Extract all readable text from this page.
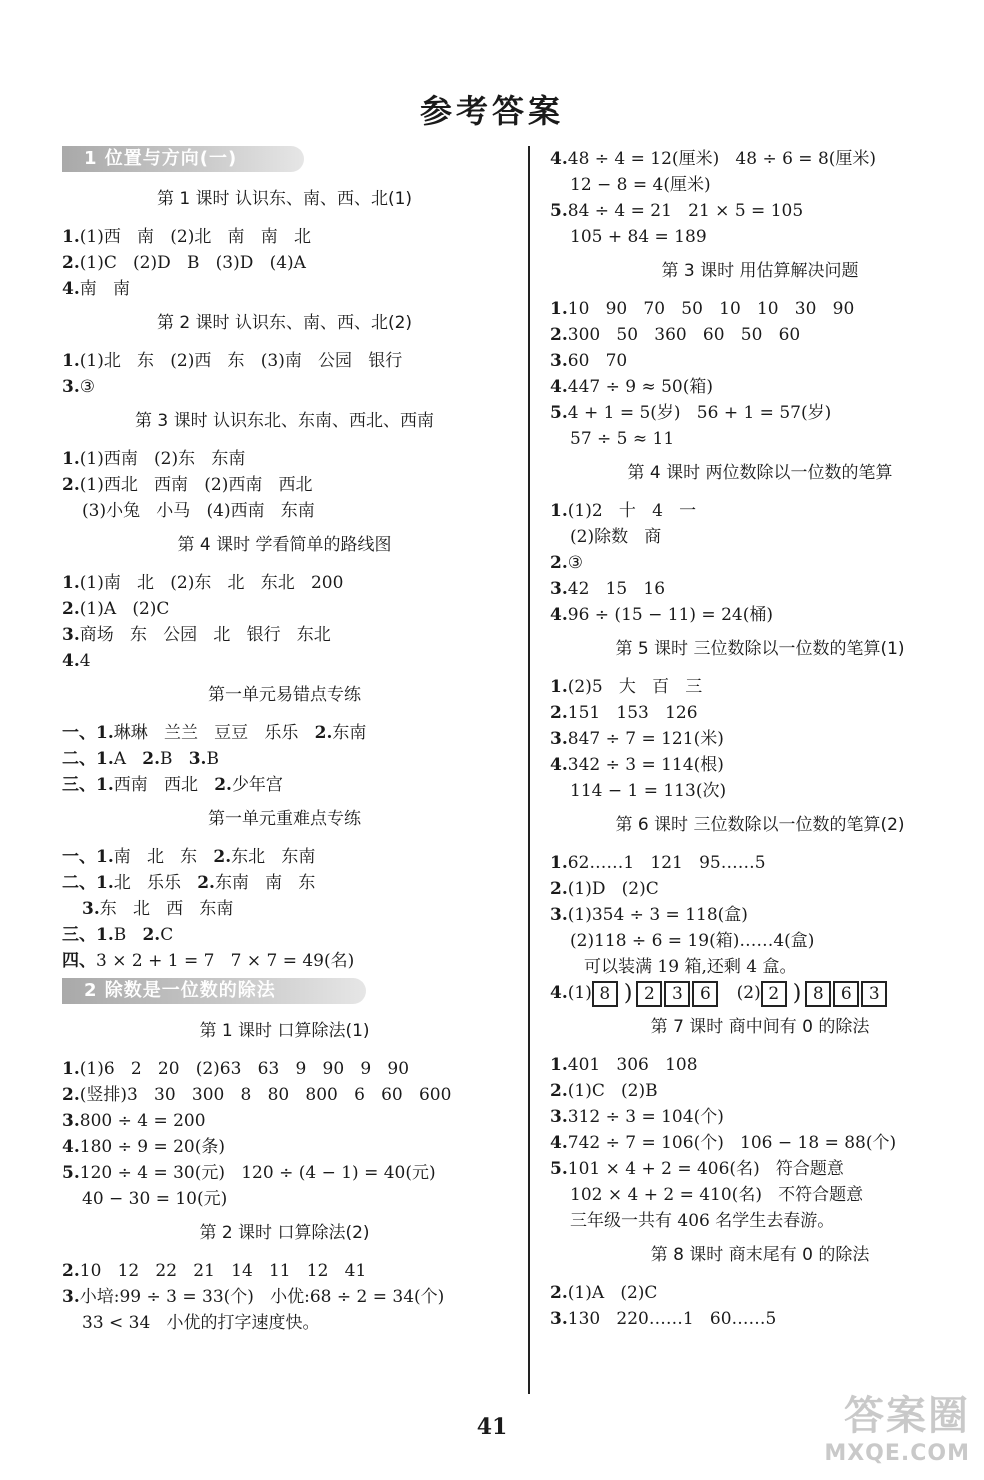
参考答案
1 位置与方向(一)
第 1 课时 认识东、南、西、北(1)
1.(1)西   南   (2)北   南   南   北
2.(1)C   (2)D   B   (3)D   (4)A
4.南   南
第 2 课时 认识东、南、西、北(2)
1.(1)北   东   (2)西   东   (3)南   公园   银行
3.③
第 3 课时 认识东北、东南、西北、西南
1.(1)西南   (2)东   东南
2.(1)西北   西南   (2)西南   西北
(3)小兔   小马   (4)西南   东南
第 4 课时 学看简单的路线图
1.(1)南   北   (2)东   北   东北   200
2.(1)A   (2)C
3.商场   东   公园   北   银行   东北
4.4
第一单元易错点专练
一、1.琳琳   兰兰   豆豆   乐乐 2.东南
二、1.A 2.B 3.B
三、1.西南   西北 2.少年宫
第一单元重难点专练
一、1.南   北   东 2.东北   东南
二、1.北   乐乐 2.东南   南   东
3.东   北   西   东南
三、1.B 2.C
四、3 × 2 + 1 = 7   7 × 7 = 49(名)
2 除数是一位数的除法
第 1 课时 口算除法(1)
1.(1)6   2   20   (2)63   63   9   90   9   90
2.(竖排)3   30   300   8   80   800   6   60   600
3.800 ÷ 4 = 200
4.180 ÷ 9 = 20(条)
5.120 ÷ 4 = 30(元)   120 ÷ (4 − 1) = 40(元)
40 − 30 = 10(元)
第 2 课时 口算除法(2)
2.10   12   22   21   14   11   12   41
3.小培:99 ÷ 3 = 33(个)   小优:68 ÷ 2 = 34(个)
33 < 34   小优的打字速度快。
4.48 ÷ 4 = 12(厘米)   48 ÷ 6 = 8(厘米)
12 − 8 = 4(厘米)
5.84 ÷ 4 = 21   21 × 5 = 105
105 + 84 = 189
第 3 课时 用估算解决问题
1.10   90   70   50   10   10   30   90
2.300   50   360   60   50   60
3.60   70
4.447 ÷ 9 ≈ 50(箱)
5.4 + 1 = 5(岁)   56 + 1 = 57(岁)
57 ÷ 5 ≈ 11
第 4 课时 两位数除以一位数的笔算
1.(1)2   十   4   一
(2)除数   商
2.③
3.42   15   16
4.96 ÷ (15 − 11) = 24(桶)
第 5 课时 三位数除以一位数的笔算(1)
1.(2)5   大   百   三
2.151   153   126
3.847 ÷ 7 = 121(米)
4.342 ÷ 3 = 114(根)
114 − 1 = 113(次)
第 6 课时 三位数除以一位数的笔算(2)
1.62……1   121   95……5
2.(1)D   (2)C
3.(1)354 ÷ 3 = 118(盒)
(2)118 ÷ 6 = 19(箱)……4(盒)
可以装满 19 箱,还剩 4 盒。
4.(1) 8 ) 2 3 6 (2) 2 ) 8 6 3
第 7 课时 商中间有 0 的除法
1.401   306   108
2.(1)C   (2)B
3.312 ÷ 3 = 104(个)
4.742 ÷ 7 = 106(个)   106 − 18 = 88(个)
5.101 × 4 + 2 = 406(名)   符合题意
102 × 4 + 2 = 410(名)   不符合题意
三年级一共有 406 名学生去春游。
第 8 课时 商末尾有 0 的除法
2.(1)A   (2)C
3.130   220……1   60……5
41	答案圈
MXQE.COM
